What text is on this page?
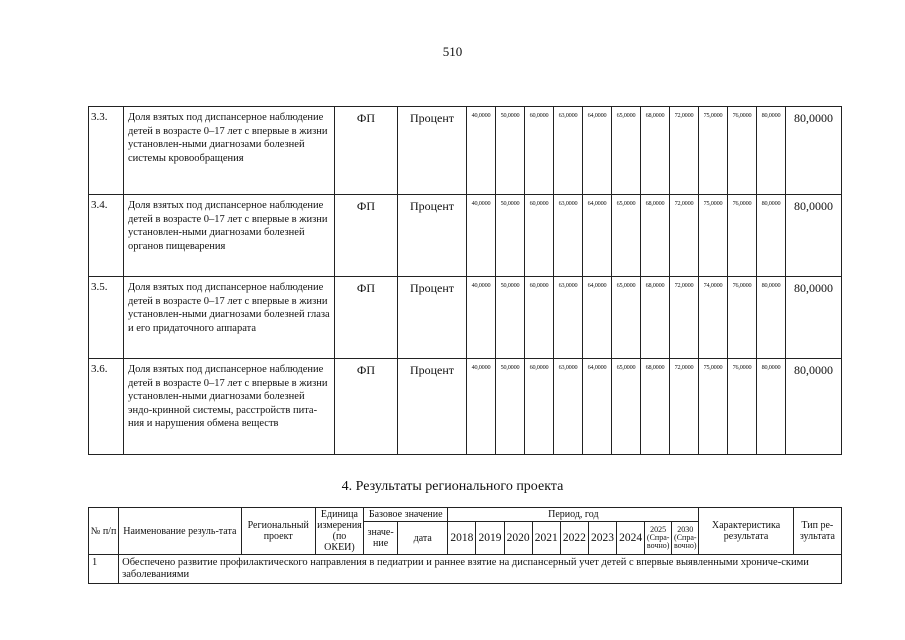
510
3.3.	Доля взятых под диспансерное наблюдение детей в возрасте 0–17 лет с впервые в жизни установлен-ными диагнозами болезней системы кровообращения	ФП	Процент	40,0000	50,0000	60,0000	63,0000	64,0000	65,0000	68,0000	72,0000	75,0000	76,0000	80,0000	80,0000
3.4.	Доля взятых под диспансерное наблюдение детей в возрасте 0–17 лет с впервые в жизни установлен-ными диагнозами болезней органов пищеварения	ФП	Процент	40,0000	50,0000	60,0000	63,0000	64,0000	65,0000	68,0000	72,0000	75,0000	76,0000	80,0000	80,0000
3.5.	Доля взятых под диспансерное наблюдение детей в возрасте 0–17 лет с впервые в жизни установлен-ными диагнозами болезней глаза и его придаточного аппарата	ФП	Процент	40,0000	50,0000	60,0000	63,0000	64,0000	65,0000	68,0000	72,0000	74,0000	76,0000	80,0000	80,0000
3.6.	Доля взятых под диспансерное наблюдение детей в возрасте 0–17 лет с впервые в жизни установлен-ными диагнозами болезней эндо-кринной системы, расстройств пита-ния и нарушения обмена веществ	ФП	Процент	40,0000	50,0000	60,0000	63,0000	64,0000	65,0000	68,0000	72,0000	75,0000	76,0000	80,0000	80,0000
4. Результаты регионального проекта
№ п/п	Наименование резуль-тата	Региональный проект	Единица измерения (по ОКЕИ)	Базовое значение		Период, год									Характеристика результата	Тип ре-зультата
				значе-ние	дата	2018	2019	2020	2021	2022	2023	2024	2025 (Спра-вочно)	2030 (Спра-вочно)		
1	Обеспечено развитие профилактического направления в педиатрии и раннее взятие на диспансерный учет детей с впервые выявленными хрониче-скими заболеваниями															
